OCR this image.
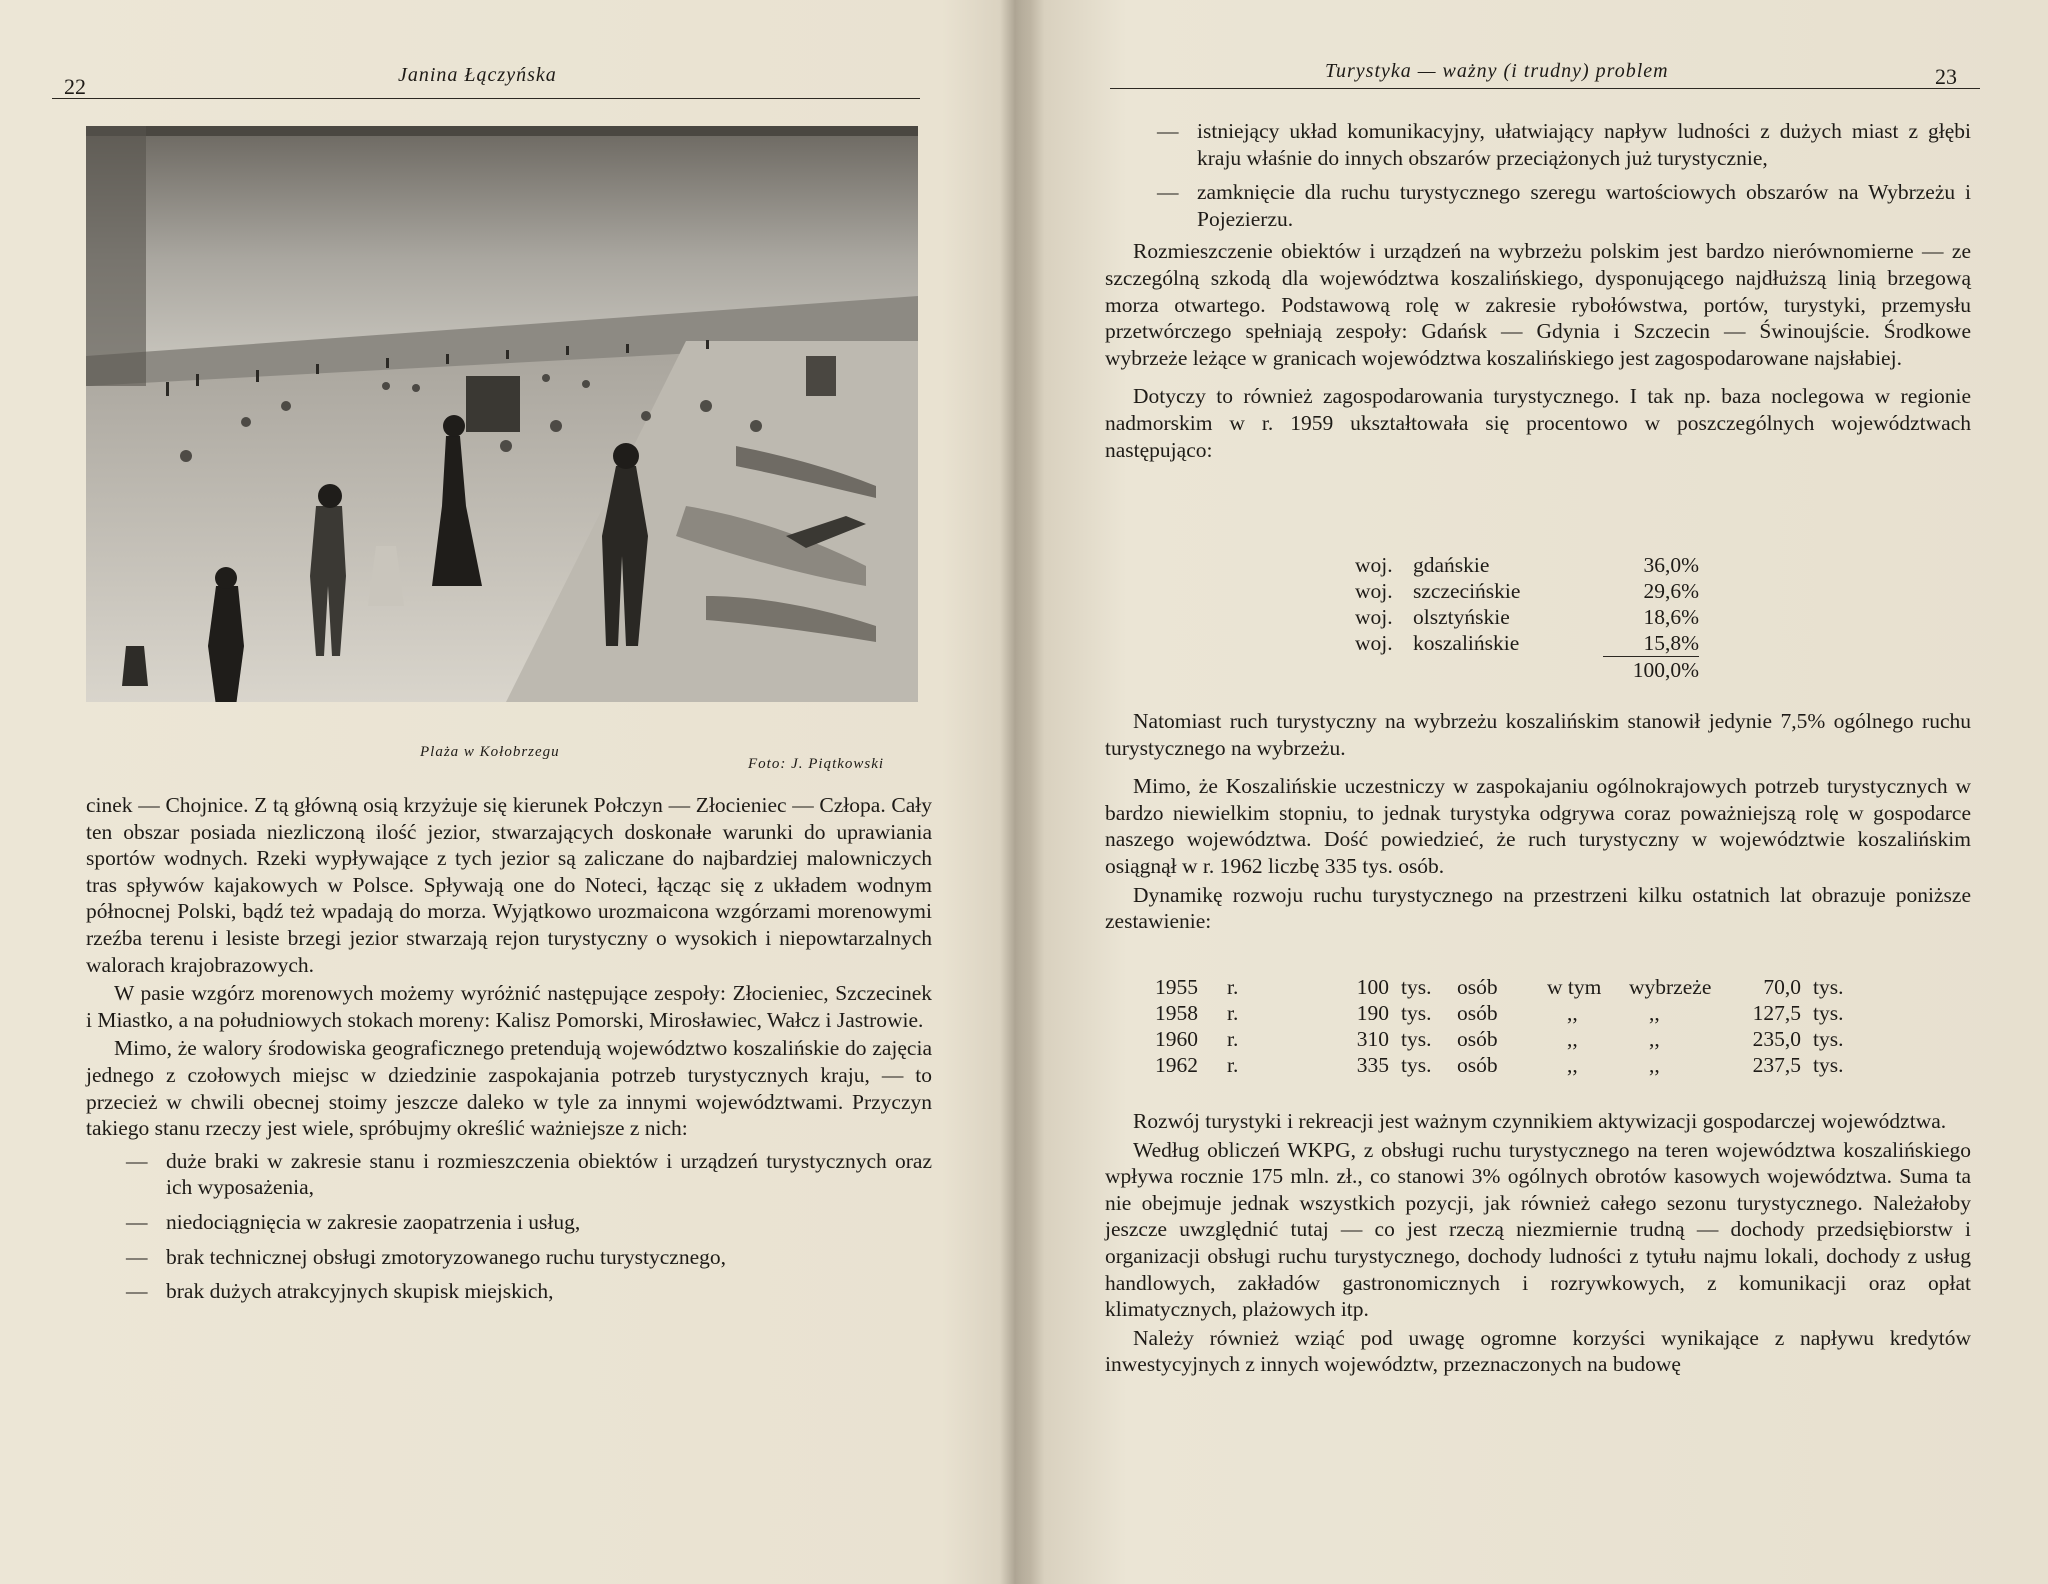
22	Janina Łączyńska
Plaża w Kołobrzegu
Foto: J. Piątkowski

cinek — Chojnice. Z tą główną osią krzyżuje się kierunek Połczyn — Złocieniec — Człopa. Cały ten obszar posiada niezliczoną ilość jezior, stwarzających doskonałe warunki do uprawiania sportów wodnych. Rzeki wypływające z tych jezior są zaliczane do najbardziej malowniczych tras spływów kajakowych w Polsce. Spływają one do Noteci, łącząc się z układem wodnym północnej Polski, bądź też wpadają do morza. Wyjątkowo urozmaicona wzgórzami morenowymi rzeźba terenu i lesiste brzegi jezior stwarzają rejon turystyczny o wysokich i niepowtarzalnych walorach krajobrazowych.

W pasie wzgórz morenowych możemy wyróżnić następujące zespoły: Złocieniec, Szczecinek i Miastko, a na południowych stokach moreny: Kalisz Pomorski, Mirosławiec, Wałcz i Jastrowie.

Mimo, że walory środowiska geograficznego pretendują województwo koszalińskie do zajęcia jednego z czołowych miejsc w dziedzinie zaspokajania potrzeb turystycznych kraju, — to przecież w chwili obecnej stoimy jeszcze daleko w tyle za innymi województwami. Przyczyn takiego stanu rzeczy jest wiele, spróbujmy określić ważniejsze z nich:

— duże braki w zakresie stanu i rozmieszczenia obiektów i urządzeń turystycznych oraz ich wyposażenia,
— niedociągnięcia w zakresie zaopatrzenia i usług,
— brak technicznej obsługi zmotoryzowanego ruchu turystycznego,
— brak dużych atrakcyjnych skupisk miejskich,
Turystyka — ważny (i trudny) problem	23
— istniejący układ komunikacyjny, ułatwiający napływ ludności z dużych miast z głębi kraju właśnie do innych obszarów przeciążonych już turystycznie,
— zamknięcie dla ruchu turystycznego szeregu wartościowych obszarów na Wybrzeżu i Pojezierzu.

Rozmieszczenie obiektów i urządzeń na wybrzeżu polskim jest bardzo nierównomierne — ze szczególną szkodą dla województwa koszalińskiego, dysponującego najdłuższą linią brzegową morza otwartego. Podstawową rolę w zakresie rybołówstwa, portów, turystyki, przemysłu przetwórczego spełniają zespoły: Gdańsk — Gdynia i Szczecin — Świnoujście. Środkowe wybrzeże leżące w granicach województwa koszalińskiego jest zagospodarowane najsłabiej.

Dotyczy to również zagospodarowania turystycznego. I tak np. baza noclegowa w regionie nadmorskim w r. 1959 ukształtowała się procentowo w poszczególnych województwach następująco:

woj.	gdańskie	36,0%
woj.	szczecińskie	29,6%
woj.	olsztyńskie	18,6%
woj.	koszalińskie	15,8%
		100,0%

Natomiast ruch turystyczny na wybrzeżu koszalińskim stanowił jedynie 7,5% ogólnego ruchu turystycznego na wybrzeżu.

Mimo, że Koszalińskie uczestniczy w zaspokajaniu ogólnokrajowych potrzeb turystycznych w bardzo niewielkim stopniu, to jednak turystyka odgrywa coraz poważniejszą rolę w gospodarce naszego województwa. Dość powiedzieć, że ruch turystyczny w województwie koszalińskim osiągnął w r. 1962 liczbę 335 tys. osób.

Dynamikę rozwoju ruchu turystycznego na przestrzeni kilku ostatnich lat obrazuje poniższe zestawienie:

1955	r.	100	tys.	osób	w tym	wybrzeże	70,0	tys.
1958	r.	190	tys.	osób	,,	,,	127,5	tys.
1960	r.	310	tys.	osób	,,	,,	235,0	tys.
1962	r.	335	tys.	osób	,,	,,	237,5	tys.

Rozwój turystyki i rekreacji jest ważnym czynnikiem aktywizacji gospodarczej województwa.

Według obliczeń WKPG, z obsługi ruchu turystycznego na teren województwa koszalińskiego wpływa rocznie 175 mln. zł., co stanowi 3% ogólnych obrotów kasowych województwa. Suma ta nie obejmuje jednak wszystkich pozycji, jak również całego sezonu turystycznego. Należałoby jeszcze uwzględnić tutaj — co jest rzeczą niezmiernie trudną — dochody przedsiębiorstw i organizacji obsługi ruchu turystycznego, dochody ludności z tytułu najmu lokali, dochody z usług handlowych, zakładów gastronomicznych i rozrywkowych, z komunikacji oraz opłat klimatycznych, plażowych itp.

Należy również wziąć pod uwagę ogromne korzyści wynikające z napływu kredytów inwestycyjnych z innych województw, przeznaczonych na budowę
